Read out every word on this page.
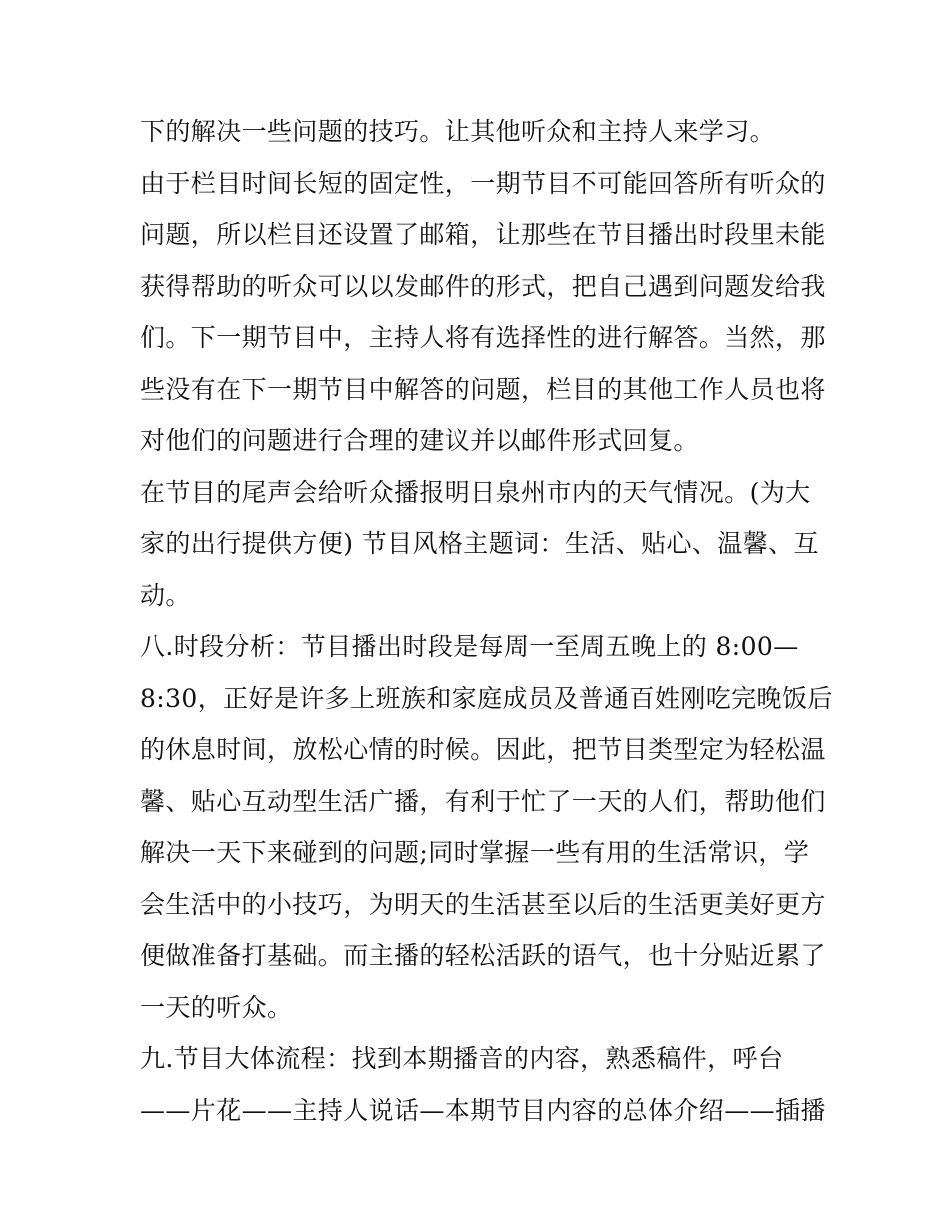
下的解决一些问题的技巧。让其他听众和主持人来学习。
由于栏目时间长短的固定性，一期节目不可能回答所有听众的
问题，所以栏目还设置了邮箱，让那些在节目播出时段里未能
获得帮助的听众可以以发邮件的形式，把自己遇到问题发给我
们。下一期节目中，主持人将有选择性的进行解答。当然，那
些没有在下一期节目中解答的问题，栏目的其他工作人员也将
对他们的问题进行合理的建议并以邮件形式回复。
在节目的尾声会给听众播报明日泉州市内的天气情况。(为大
家的出行提供方便) 节目风格主题词：生活、贴心、温馨、互
动。
八.时段分析：节目播出时段是每周一至周五晚上的 8:00—
8:30，正好是许多上班族和家庭成员及普通百姓刚吃完晚饭后
的休息时间，放松心情的时候。因此，把节目类型定为轻松温
馨、贴心互动型生活广播，有利于忙了一天的人们，帮助他们
解决一天下来碰到的问题;同时掌握一些有用的生活常识，学
会生活中的小技巧，为明天的生活甚至以后的生活更美好更方
便做准备打基础。而主播的轻松活跃的语气，也十分贴近累了
一天的听众。
九.节目大体流程：找到本期播音的内容，熟悉稿件，呼台
——片花——主持人说话—本期节目内容的总体介绍——插播
